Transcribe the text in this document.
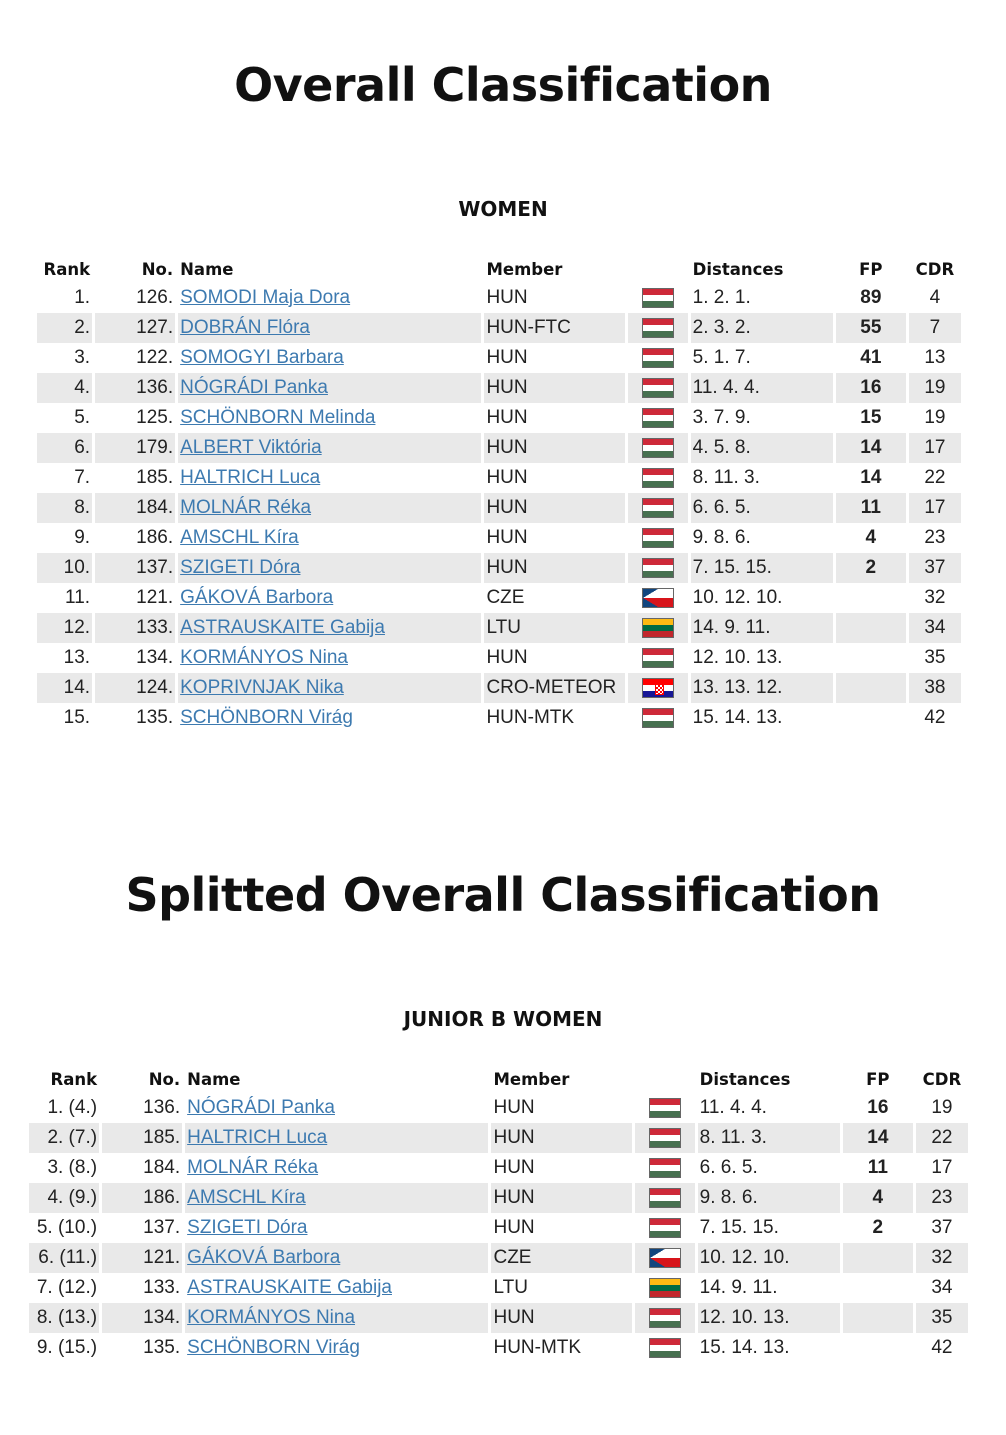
Overall Classification
WOMEN
Rank	No.	Name	Member		Distances	FP	CDR
1.	126.	SOMODI Maja Dora	HUN		1. 2. 1.	89	4
2.	127.	DOBRÁN Flóra	HUN-FTC		2. 3. 2.	55	7
3.	122.	SOMOGYI Barbara	HUN		5. 1. 7.	41	13
4.	136.	NÓGRÁDI Panka	HUN		11. 4. 4.	16	19
5.	125.	SCHÖNBORN Melinda	HUN		3. 7. 9.	15	19
6.	179.	ALBERT Viktória	HUN		4. 5. 8.	14	17
7.	185.	HALTRICH Luca	HUN		8. 11. 3.	14	22
8.	184.	MOLNÁR Réka	HUN		6. 6. 5.	11	17
9.	186.	AMSCHL Kíra	HUN		9. 8. 6.	4	23
10.	137.	SZIGETI Dóra	HUN		7. 15. 15.	2	37
11.	121.	GÁKOVÁ Barbora	CZE		10. 12. 10.		32
12.	133.	ASTRAUSKAITE Gabija	LTU		14. 9. 11.		34
13.	134.	KORMÁNYOS Nina	HUN		12. 10. 13.		35
14.	124.	KOPRIVNJAK Nika	CRO-METEOR		13. 13. 12.		38
15.	135.	SCHÖNBORN Virág	HUN-MTK		15. 14. 13.		42
Splitted Overall Classification
JUNIOR B WOMEN
Rank	No.	Name	Member		Distances	FP	CDR
1. (4.)	136.	NÓGRÁDI Panka	HUN		11. 4. 4.	16	19
2. (7.)	185.	HALTRICH Luca	HUN		8. 11. 3.	14	22
3. (8.)	184.	MOLNÁR Réka	HUN		6. 6. 5.	11	17
4. (9.)	186.	AMSCHL Kíra	HUN		9. 8. 6.	4	23
5. (10.)	137.	SZIGETI Dóra	HUN		7. 15. 15.	2	37
6. (11.)	121.	GÁKOVÁ Barbora	CZE		10. 12. 10.		32
7. (12.)	133.	ASTRAUSKAITE Gabija	LTU		14. 9. 11.		34
8. (13.)	134.	KORMÁNYOS Nina	HUN		12. 10. 13.		35
9. (15.)	135.	SCHÖNBORN Virág	HUN-MTK		15. 14. 13.		42
